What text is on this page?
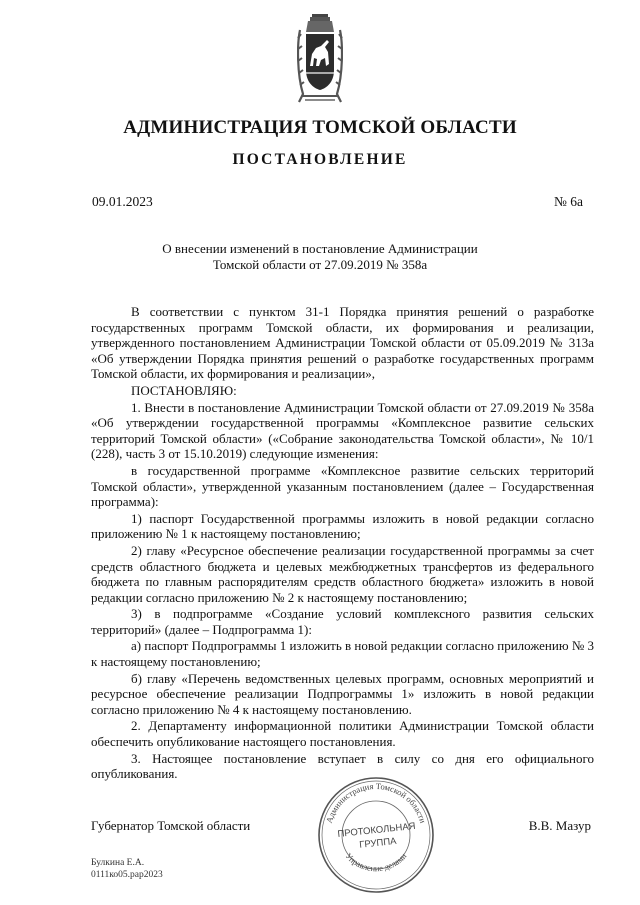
АДМИНИСТРАЦИЯ ТОМСКОЙ ОБЛАСТИ
ПОСТАНОВЛЕНИЕ
09.01.2023	№ 6а
О внесении изменений в постановление Администрации
Томской области от 27.09.2019 № 358а

В соответствии с пунктом 31-1 Порядка принятия решений о разработке государственных программ Томской области, их формирования и реализации, утвержденного постановлением Администрации Томской области от 05.09.2019 № 313а «Об утверждении Порядка принятия решений о разработке государственных программ Томской области, их формирования и реализации»,

ПОСТАНОВЛЯЮ:

1. Внести в постановление Администрации Томской области от 27.09.2019 № 358а «Об утверждении государственной программы «Комплексное развитие сельских территорий Томской области» («Собрание законодательства Томской области», № 10/1 (228), часть 3 от 15.10.2019) следующие изменения:

в государственной программе «Комплексное развитие сельских территорий Томской области», утвержденной указанным постановлением (далее – Государственная программа):

1) паспорт Государственной программы изложить в новой редакции согласно приложению № 1 к настоящему постановлению;

2) главу «Ресурсное обеспечение реализации государственной программы за счет средств областного бюджета и целевых межбюджетных трансфертов из федерального бюджета по главным распорядителям средств областного бюджета» изложить в новой редакции согласно приложению № 2 к настоящему постановлению;

3) в подпрограмме «Создание условий комплексного развития сельских территорий» (далее – Подпрограмма 1):

а) паспорт Подпрограммы 1 изложить в новой редакции согласно приложению № 3 к настоящему постановлению;

б) главу «Перечень ведомственных целевых программ, основных мероприятий и ресурсное обеспечение реализации Подпрограммы 1» изложить в новой редакции согласно приложению № 4 к настоящему постановлению.

2. Департаменту информационной политики Администрации Томской области обеспечить опубликование настоящего постановления.

3. Настоящее постановление вступает в силу со дня его официального опубликования.

Администрация Томской области
Управление делами
ПРОТОКОЛЬНАЯ
ГРУППА
Губернатор Томской области	В.В. Мазур
Булкина Е.А.
0111ко05.рар2023
